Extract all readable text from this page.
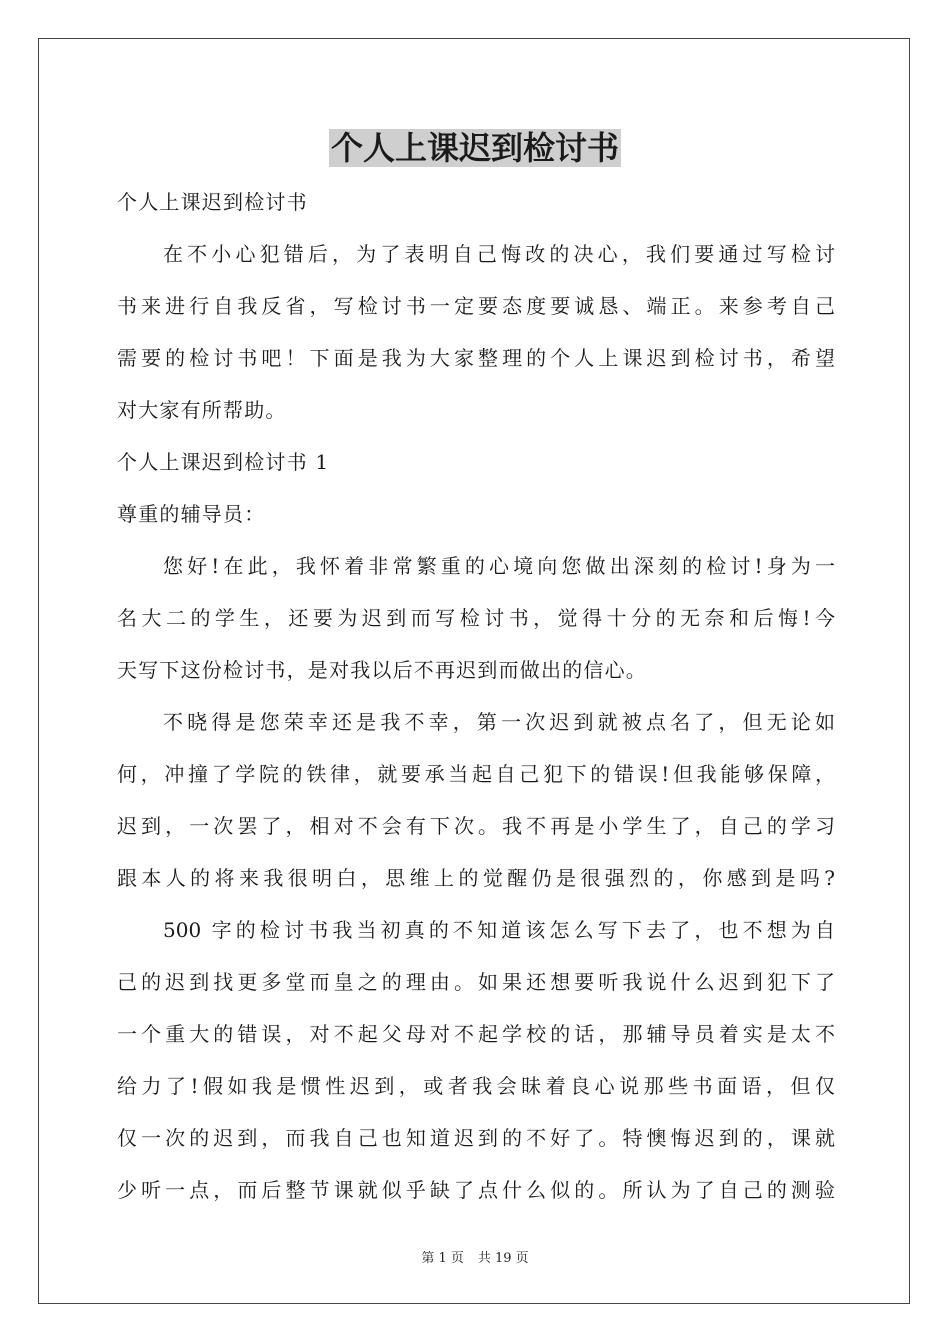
个人上课迟到检讨书
个人上课迟到检讨书
在不小心犯错后，为了表明自己悔改的决心，我们要通过写检讨
书来进行自我反省，写检讨书一定要态度要诚恳、端正。来参考自己
需要的检讨书吧！下面是我为大家整理的个人上课迟到检讨书，希望
对大家有所帮助。
个人上课迟到检讨书 1
尊重的辅导员：
您好!在此，我怀着非常繁重的心境向您做出深刻的检讨!身为一
名大二的学生，还要为迟到而写检讨书，觉得十分的无奈和后悔!今
天写下这份检讨书，是对我以后不再迟到而做出的信心。
不晓得是您荣幸还是我不幸，第一次迟到就被点名了，但无论如
何，冲撞了学院的铁律，就要承当起自己犯下的错误!但我能够保障，
迟到，一次罢了，相对不会有下次。我不再是小学生了，自己的学习
跟本人的将来我很明白，思维上的觉醒仍是很强烈的，你感到是吗?
500 字的检讨书我当初真的不知道该怎么写下去了，也不想为自
己的迟到找更多堂而皇之的理由。如果还想要听我说什么迟到犯下了
一个重大的错误，对不起父母对不起学校的话，那辅导员着实是太不
给力了!假如我是惯性迟到，或者我会昧着良心说那些书面语，但仅
仅一次的迟到，而我自己也知道迟到的不好了。特懊悔迟到的，课就
少听一点，而后整节课就似乎缺了点什么似的。所认为了自己的测验
第 1 页 共 19 页
